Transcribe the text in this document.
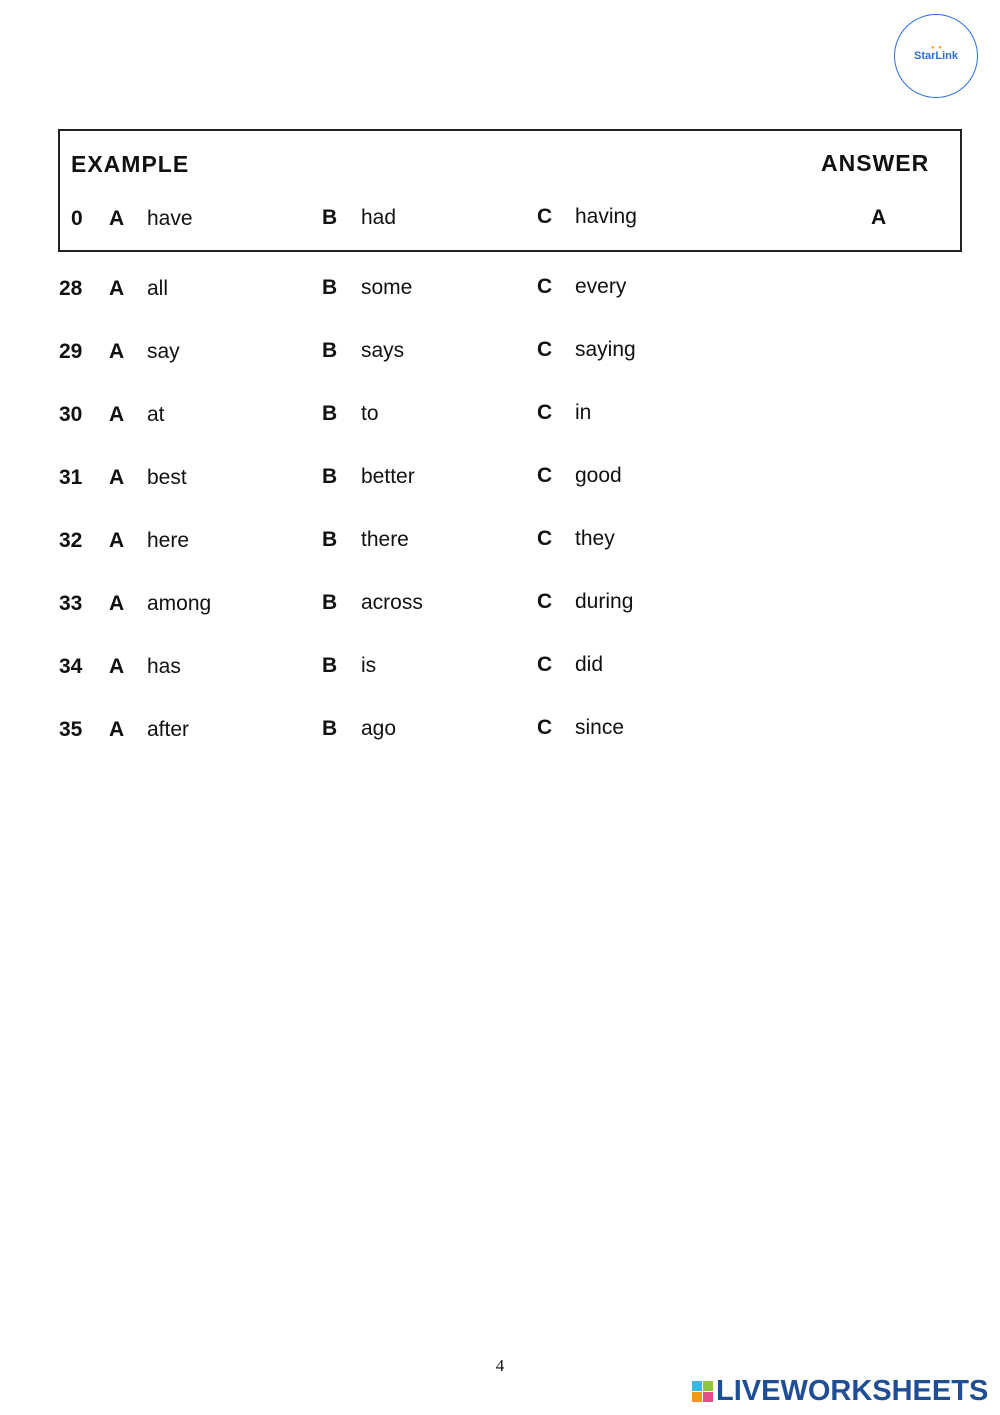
● ●
StarLink
EXAMPLE	ANSWER
0 A have	B had	C having	A
28 A all	B some	C every
29 A say	B says	C saying
30 A at	B to	C in
31 A best	B better	C good
32 A here	B there	C they
33 A among	B across	C during
34 A has	B is	C did
35 A after	B ago	C since
4
LIVEWORKSHEETS
